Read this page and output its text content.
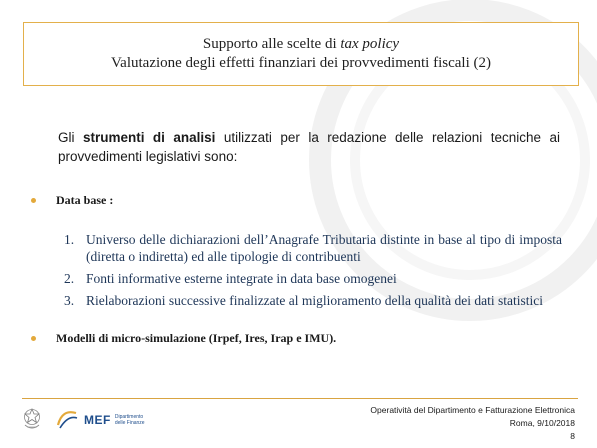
Supporto alle scelte di tax policy
Valutazione degli effetti finanziari dei provvedimenti fiscali (2)
Gli strumenti di analisi utilizzati per la redazione delle relazioni tecniche ai provvedimenti legislativi sono:
Data base :
1. Universo delle dichiarazioni dell’Anagrafe Tributaria distinte in base al tipo di imposta (diretta o indiretta) ed alle tipologie di contribuenti
2. Fonti informative esterne integrate in data base omogenei
3. Rielaborazioni successive finalizzate al miglioramento della qualità dei dati statistici
Modelli di micro-simulazione (Irpef, Ires, Irap e IMU).
MEF Dipartimento
delle Finanze
Operatività del Dipartimento e Fatturazione Elettronica
Roma, 9/10/2018
8
